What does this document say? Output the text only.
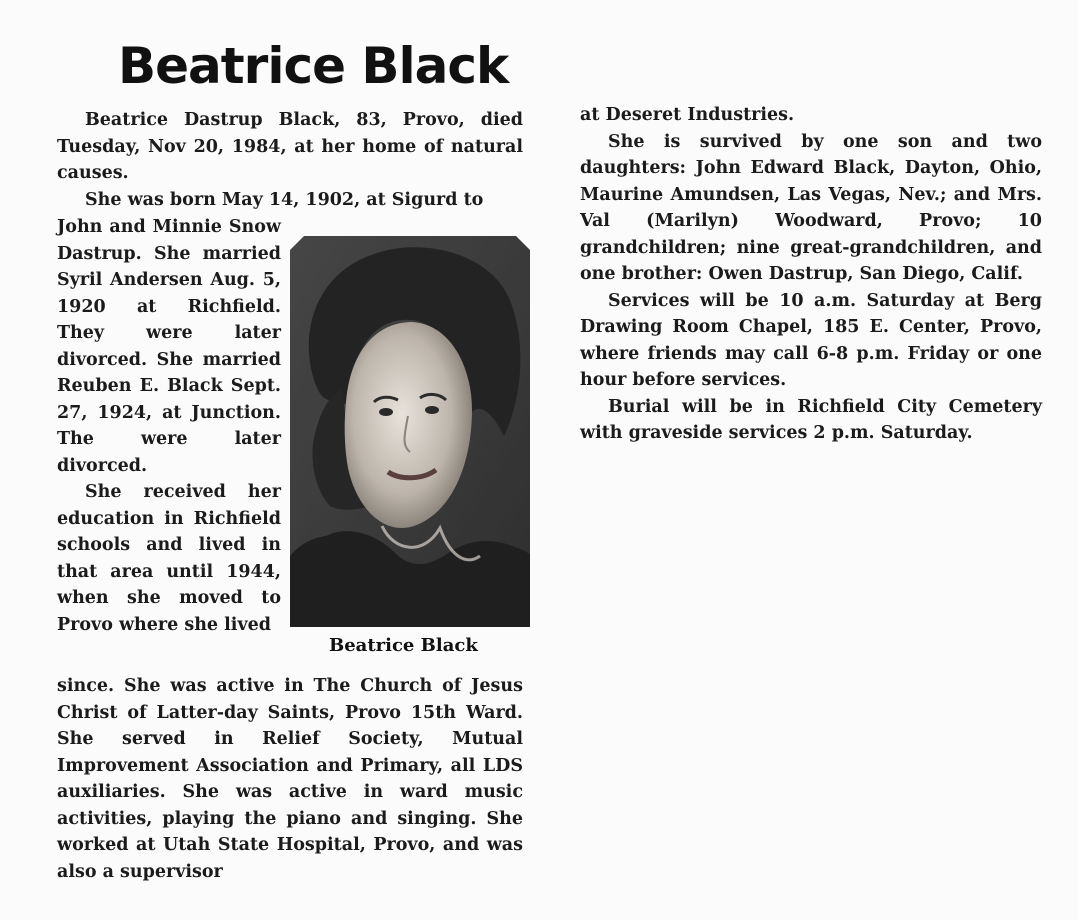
Beatrice Black

Beatrice Dastrup Black, 83, Provo, died Tuesday, Nov 20, 1984, at her home of natural causes.

She was born May 14, 1902, at Sigurd to

John and Minnie Snow Dastrup. She married Syril Andersen Aug. 5, 1920 at Richfield. They were later divorced. She married Reuben E. Black Sept. 27, 1924, at Junction. The were later divorced.

She received her education in Richfield schools and lived in that area until 1944, when she moved to Provo where she lived

Beatrice Black

since. She was active in The Church of Jesus Christ of Latter-day Saints, Provo 15th Ward. She served in Relief Society, Mutual Improvement Association and Primary, all LDS auxiliaries. She was active in ward music activities, playing the piano and singing. She worked at Utah State Hospital, Provo, and was also a supervisor

at Deseret Industries.

She is survived by one son and two daughters: John Edward Black, Dayton, Ohio, Maurine Amundsen, Las Vegas, Nev.; and Mrs. Val (Marilyn) Woodward, Provo; 10 grandchildren; nine great-grandchildren, and one brother: Owen Dastrup, San Diego, Calif.

Services will be 10 a.m. Saturday at Berg Drawing Room Chapel, 185 E. Center, Provo, where friends may call 6-8 p.m. Friday or one hour before services.

Burial will be in Richfield City Cemetery with graveside services 2 p.m. Saturday.
